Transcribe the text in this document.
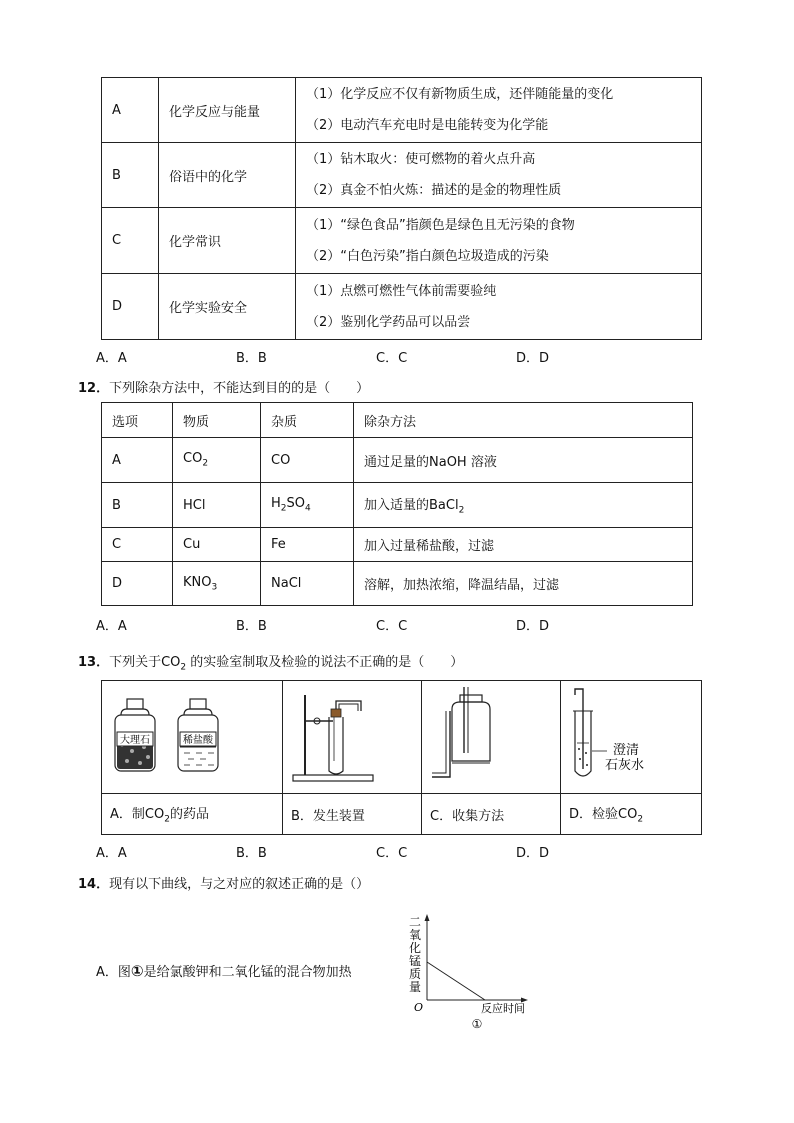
A	化学反应与能量	（1）化学反应不仅有新物质生成，还伴随能量的变化
（2）电动汽车充电时是电能转变为化学能

B	俗语中的化学	（1）钻木取火：使可燃物的着火点升高
（2）真金不怕火炼：描述的是金的物理性质

C	化学常识	（1）“绿色食品”指颜色是绿色且无污染的食物
（2）“白色污染”指白颜色垃圾造成的污染

D	化学实验安全	（1）点燃可燃性气体前需要验纯
（2）鉴别化学药品可以品尝
A．A	B．B	C．C	D．D
12．下列除杂方法中，不能达到目的的是（　　）
选项	物质	杂质	除杂方法
A	$CO_2$	CO	通过足量的NaOH 溶液
B	HCl	$H_2SO_4$	加入适量的BaCl$_2$
C	Cu	Fe	加入过量稀盐酸，过滤
D	$KNO_3$	NaCl	溶解，加热浓缩，降温结晶，过滤
A．A	B．B	C．C	D．D
13．下列关于$CO_2$ 的实验室制取及检验的说法不正确的是（　　）
大理石 稀盐酸			澄清
石灰水

A．制$CO_2$的药品	B．发生装置	C．收集方法	D．检验$CO_2$
A．A	B．B	C．C	D．D
14．现有以下曲线，与之对应的叙述正确的是（）
A．图①是给氯酸钾和二氧化锰的混合物加热
二
氧
化
锰
质
量
O	反应时间
①
